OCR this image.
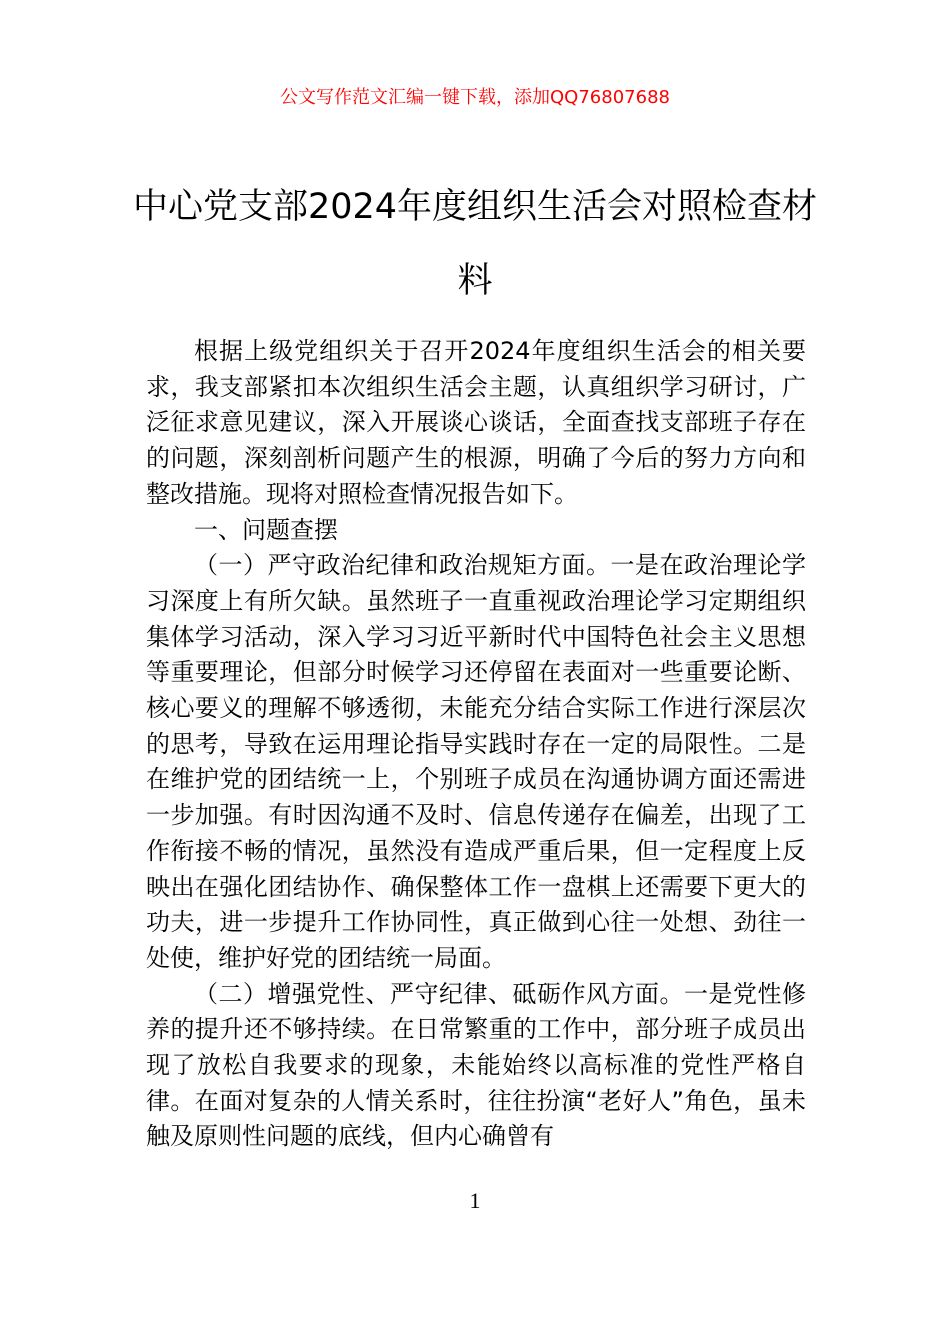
公文写作范文汇编一键下载，添加QQ76807688
中心党支部2024年度组织生活会对照检查材料

根据上级党组织关于召开2024年度组织生活会的相关要求，我支部紧扣本次组织生活会主题，认真组织学习研讨，广泛征求意见建议，深入开展谈心谈话，全面查找支部班子存在的问题，深刻剖析问题产生的根源，明确了今后的努力方向和整改措施。现将对照检查情况报告如下。

一、问题查摆

（一）严守政治纪律和政治规矩方面。一是在政治理论学习深度上有所欠缺。虽然班子一直重视政治理论学习定期组织集体学习活动，深入学习习近平新时代中国特色社会主义思想等重要理论，但部分时候学习还停留在表面对一些重要论断、核心要义的理解不够透彻，未能充分结合实际工作进行深层次的思考，导致在运用理论指导实践时存在一定的局限性。二是在维护党的团结统一上，个别班子成员在沟通协调方面还需进一步加强。有时因沟通不及时、信息传递存在偏差，出现了工作衔接不畅的情况，虽然没有造成严重后果，但一定程度上反映出在强化团结协作、确保整体工作一盘棋上还需要下更大的功夫，进一步提升工作协同性，真正做到心往一处想、劲往一处使，维护好党的团结统一局面。

（二）增强党性、严守纪律、砥砺作风方面。一是党性修养的提升还不够持续。在日常繁重的工作中，部分班子成员出现了放松自我要求的现象，未能始终以高标准的党性严格自律。在面对复杂的人情关系时，往往扮演“老好人”角色，虽未触及原则性问题的底线，但内心确曾有

1
